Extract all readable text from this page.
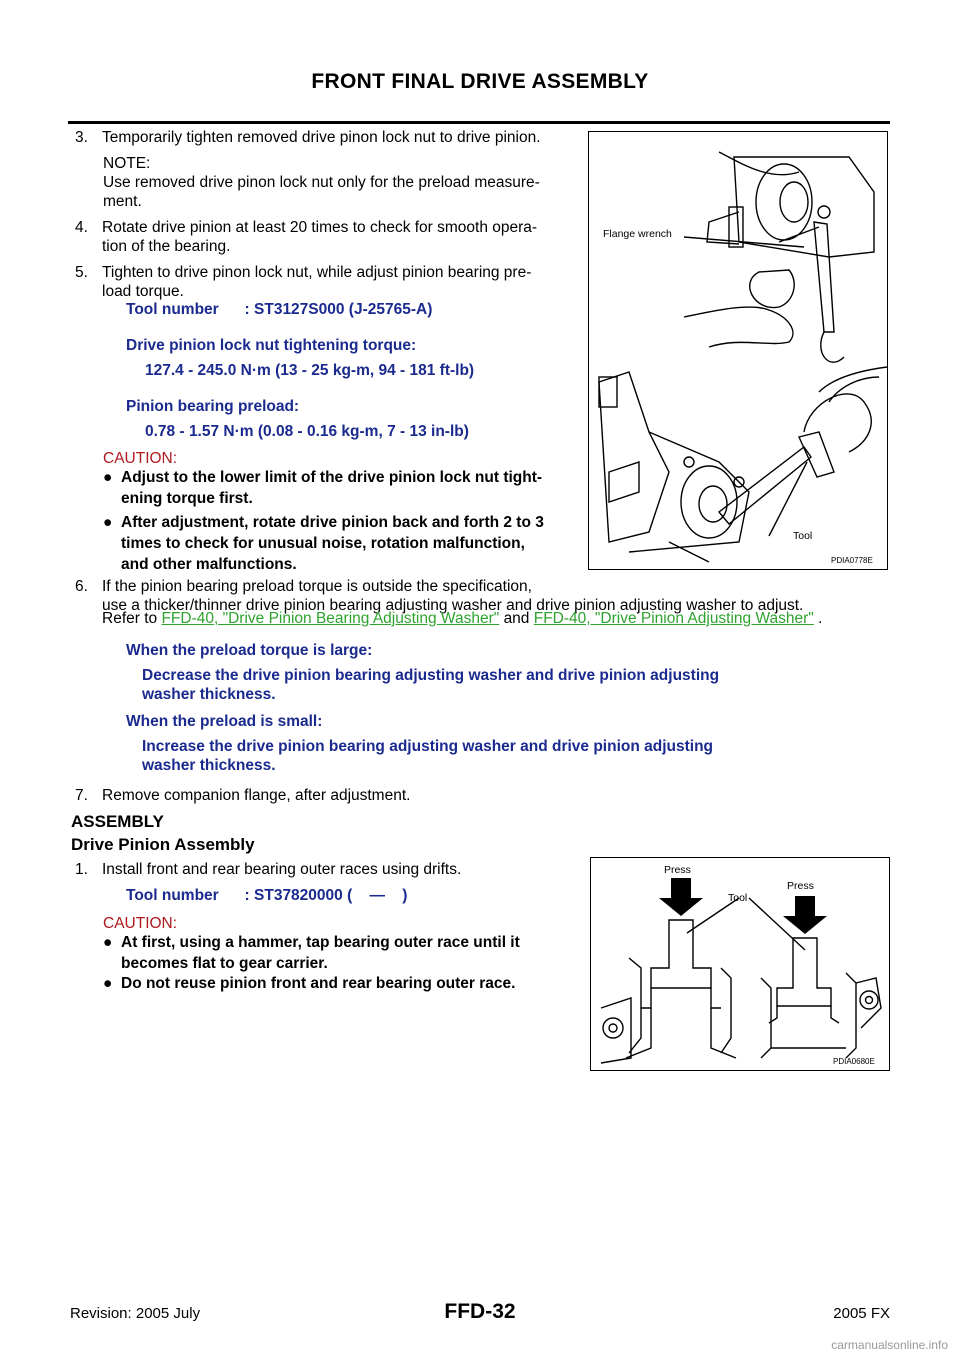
FRONT FINAL DRIVE ASSEMBLY
3. Temporarily tighten removed drive pinon lock nut to drive pinion.
NOTE:
Use removed drive pinon lock nut only for the preload measure-
ment.
4. Rotate drive pinion at least 20 times to check for smooth opera-
tion of the bearing.
5. Tighten to drive pinon lock nut, while adjust pinion bearing pre-
load torque.
Tool number      : ST3127S000 (J-25765-A)
Drive pinion lock nut tightening torque:
127.4 - 245.0 N·m (13 - 25 kg-m, 94 - 181 ft-lb)
Pinion bearing preload:
0.78 - 1.57 N·m (0.08 - 0.16 kg-m, 7 - 13 in-lb)
CAUTION:
● Adjust to the lower limit of the drive pinion lock nut tight-
ening torque first.
● After adjustment, rotate drive pinion back and forth 2 to 3
times to check for unusual noise, rotation malfunction,
and other malfunctions.
6. If the pinion bearing preload torque is outside the specification,
use a thicker/thinner drive pinion bearing adjusting washer and drive pinion adjusting washer to adjust.
Refer to FFD-40, "Drive Pinion Bearing Adjusting Washer" and FFD-40, "Drive Pinion Adjusting Washer" .
When the preload torque is large:
Decrease the drive pinion bearing adjusting washer and drive pinion adjusting
washer thickness.
When the preload is small:
Increase the drive pinion bearing adjusting washer and drive pinion adjusting
washer thickness.
7. Remove companion flange, after adjustment.
ASSEMBLY
Drive Pinion Assembly
1. Install front and rear bearing outer races using drifts.
Tool number      : ST37820000 (    —    )
CAUTION:
● At first, using a hammer, tap bearing outer race until it
becomes flat to gear carrier.
● Do not reuse pinion front and rear bearing outer race.
Flange wrench
Tool
PDIA0778E
Press
Press
Tool
PDIA0680E
Revision: 2005 July	FFD-32	2005 FX
carmanualsonline.info
